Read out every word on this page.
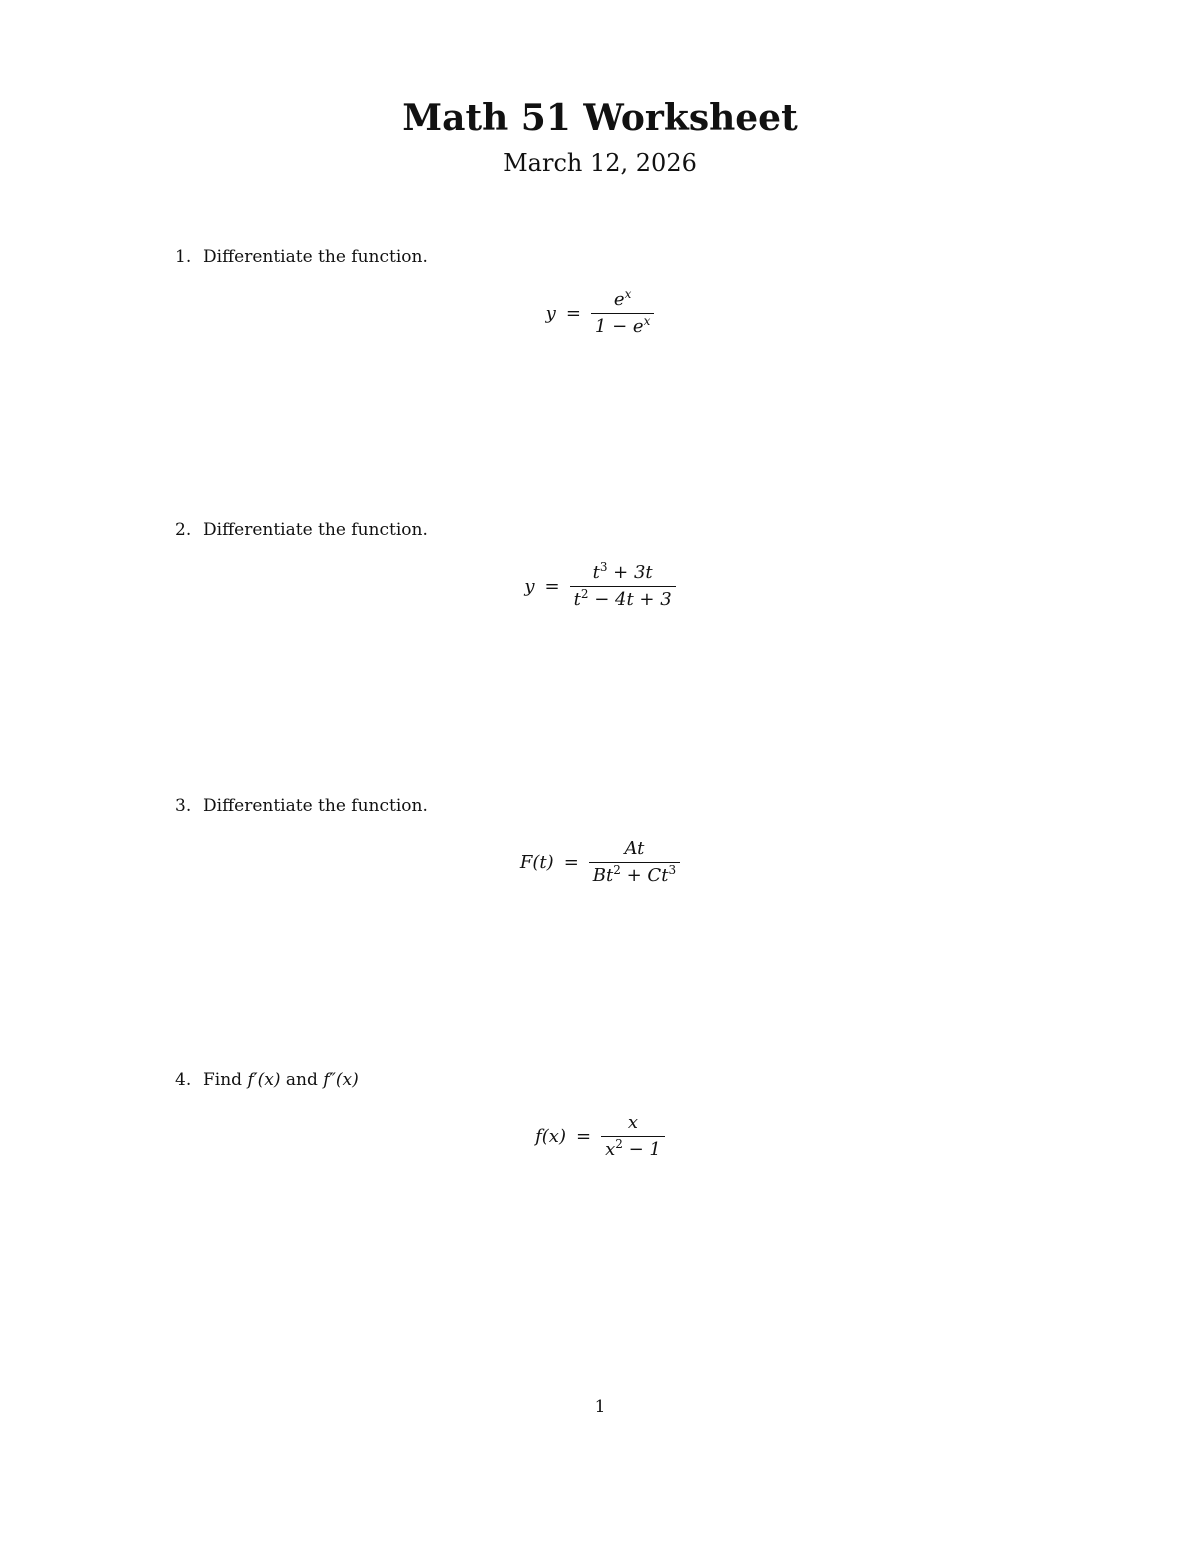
Math 51 Worksheet
March 12, 2026
1. Differentiate the function.
$y = \frac{e^x}{1 - e^x}$
2. Differentiate the function.
$y = \frac{t^3 + 3t}{t^2 - 4t + 3}$
3. Differentiate the function.
$F(t) = \frac{At}{Bt^2 + Ct^3}$
4. Find f′(x) and f″(x)
$f(x) = \frac{x}{x^2 - 1}$
1
